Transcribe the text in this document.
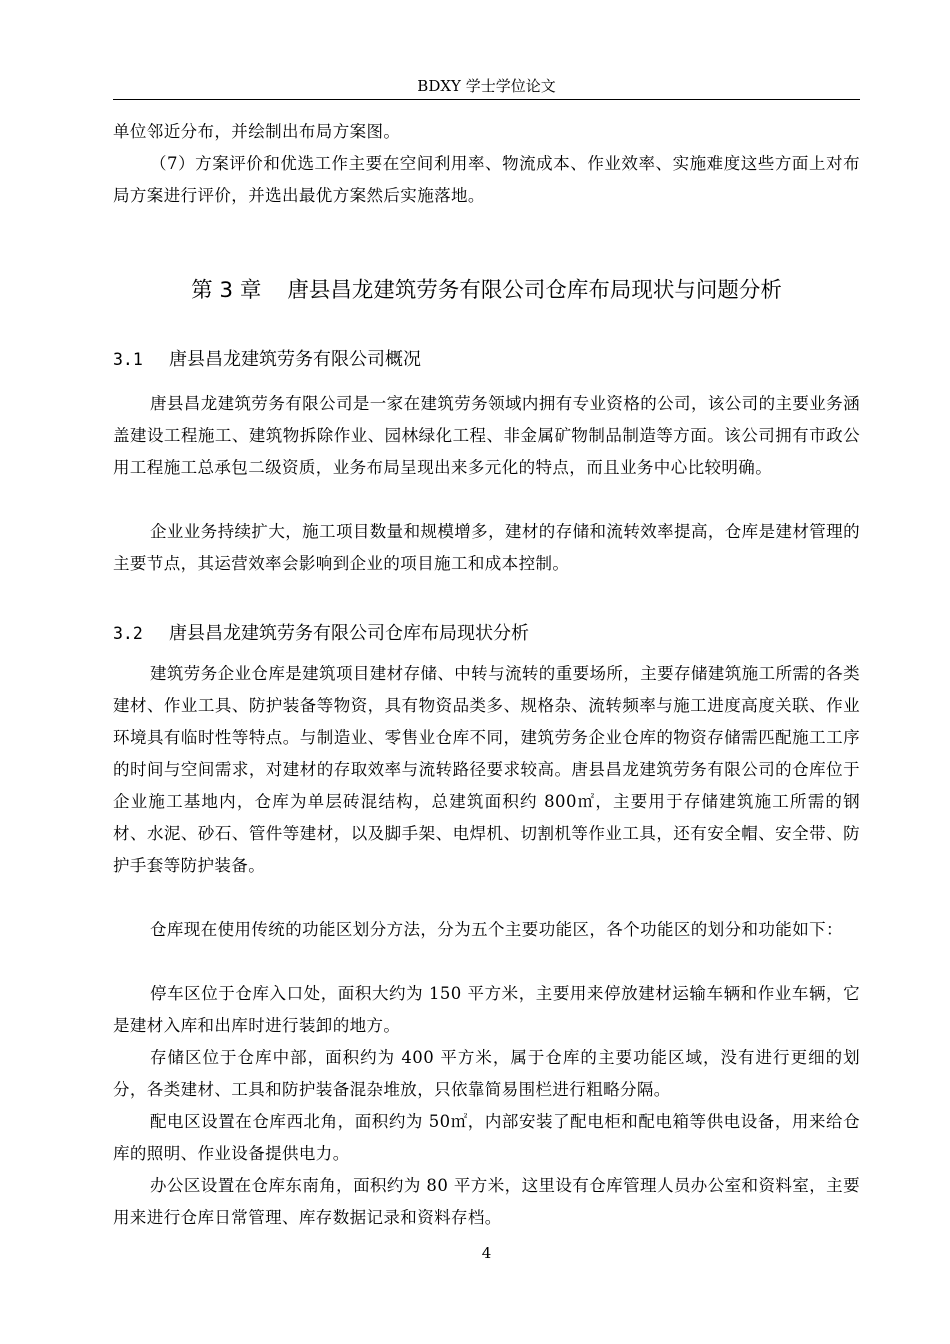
BDXY 学士学位论文

单位邻近分布，并绘制出布局方案图。

（7）方案评价和优选工作主要在空间利用率、物流成本、作业效率、实施难度这些方面上对布局方案进行评价，并选出最优方案然后实施落地。

第 3 章 唐县昌龙建筑劳务有限公司仓库布局现状与问题分析
3.1 唐县昌龙建筑劳务有限公司概况

唐县昌龙建筑劳务有限公司是一家在建筑劳务领域内拥有专业资格的公司，该公司的主要业务涵盖建设工程施工、建筑物拆除作业、园林绿化工程、非金属矿物制品制造等方面。该公司拥有市政公用工程施工总承包二级资质，业务布局呈现出来多元化的特点，而且业务中心比较明确。

企业业务持续扩大，施工项目数量和规模增多，建材的存储和流转效率提高，仓库是建材管理的主要节点，其运营效率会影响到企业的项目施工和成本控制。

3.2 唐县昌龙建筑劳务有限公司仓库布局现状分析

建筑劳务企业仓库是建筑项目建材存储、中转与流转的重要场所，主要存储建筑施工所需的各类建材、作业工具、防护装备等物资，具有物资品类多、规格杂、流转频率与施工进度高度关联、作业环境具有临时性等特点。与制造业、零售业仓库不同，建筑劳务企业仓库的物资存储需匹配施工工序的时间与空间需求，对建材的存取效率与流转路径要求较高。唐县昌龙建筑劳务有限公司的仓库位于企业施工基地内，仓库为单层砖混结构，总建筑面积约 800㎡，主要用于存储建筑施工所需的钢材、水泥、砂石、管件等建材，以及脚手架、电焊机、切割机等作业工具，还有安全帽、安全带、防护手套等防护装备。

仓库现在使用传统的功能区划分方法，分为五个主要功能区，各个功能区的划分和功能如下：

停车区位于仓库入口处，面积大约为 150 平方米，主要用来停放建材运输车辆和作业车辆，它是建材入库和出库时进行装卸的地方。

存储区位于仓库中部，面积约为 400 平方米，属于仓库的主要功能区域，没有进行更细的划分，各类建材、工具和防护装备混杂堆放，只依靠简易围栏进行粗略分隔。

配电区设置在仓库西北角，面积约为 50㎡，内部安装了配电柜和配电箱等供电设备，用来给仓库的照明、作业设备提供电力。

办公区设置在仓库东南角，面积约为 80 平方米，这里设有仓库管理人员办公室和资料室，主要用来进行仓库日常管理、库存数据记录和资料存档。

4
